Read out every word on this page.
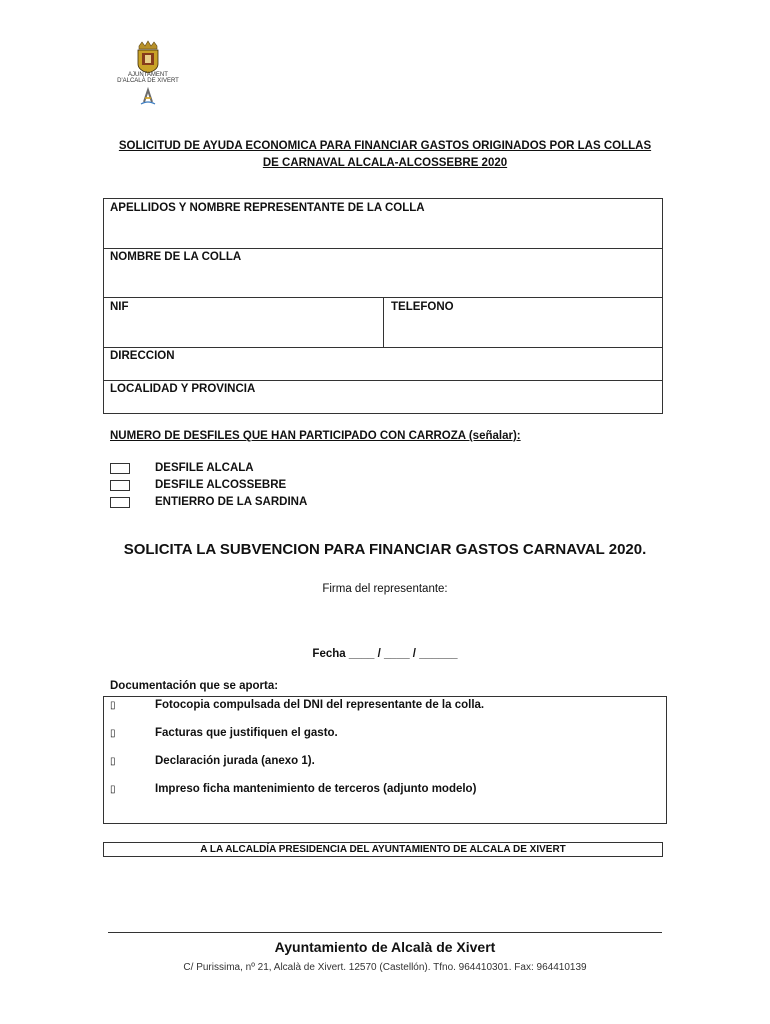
AJUNTAMENT
D'ALCALÀ DE XIVERT
SOLICITUD DE AYUDA ECONOMICA PARA FINANCIAR GASTOS ORIGINADOS POR LAS COLLAS
DE CARNAVAL ALCALA-ALCOSSEBRE 2020
APELLIDOS Y NOMBRE REPRESENTANTE DE LA COLLA
NOMBRE DE LA COLLA
NIF	TELEFONO
DIRECCION
LOCALIDAD Y PROVINCIA
NUMERO DE DESFILES QUE HAN PARTICIPADO CON CARROZA (señalar):
DESFILE ALCALA
DESFILE ALCOSSEBRE
ENTIERRO DE LA SARDINA
SOLICITA LA SUBVENCION PARA FINANCIAR GASTOS CARNAVAL 2020.
Firma del representante:
Fecha ____ / ____ / ______
Documentación que se aporta:
▯	Fotocopia compulsada del DNI del representante de la colla.
▯	Facturas que justifiquen el gasto.
▯	Declaración jurada (anexo 1).
▯	Impreso ficha mantenimiento de terceros (adjunto modelo)
A LA ALCALDÍA PRESIDENCIA DEL AYUNTAMIENTO DE ALCALA DE XIVERT
Ayuntamiento de Alcalà de Xivert
C/ Purissima, nº 21, Alcalà de Xivert. 12570 (Castellón). Tfno. 964410301. Fax: 964410139
